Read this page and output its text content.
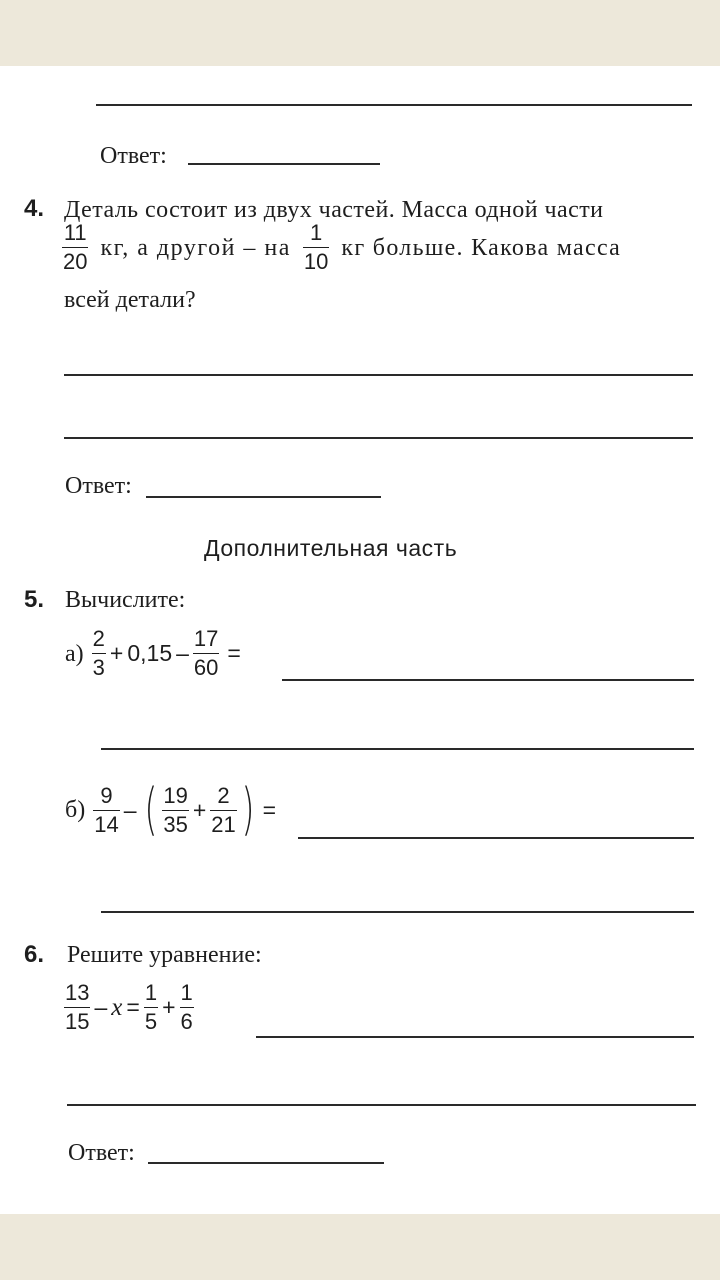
Ответ:
4. Деталь состоит из двух частей. Масса одной части
$\frac{11}{20}$ кг, а другой – на $\frac{1}{10}$ кг больше. Какова масса
всей детали?
Ответ:
Дополнительная часть
5. Вычислите:
$а) \frac{2}{3} + 0,15 - \frac{17}{60}$ =
$б) \frac{9}{14}$ – ( $\frac{19}{35} + \frac{2}{21}$ ) =
6. Решите уравнение:
$\frac{13}{15} - x = \frac{1}{5} + \frac{1}{6}$
Ответ:
